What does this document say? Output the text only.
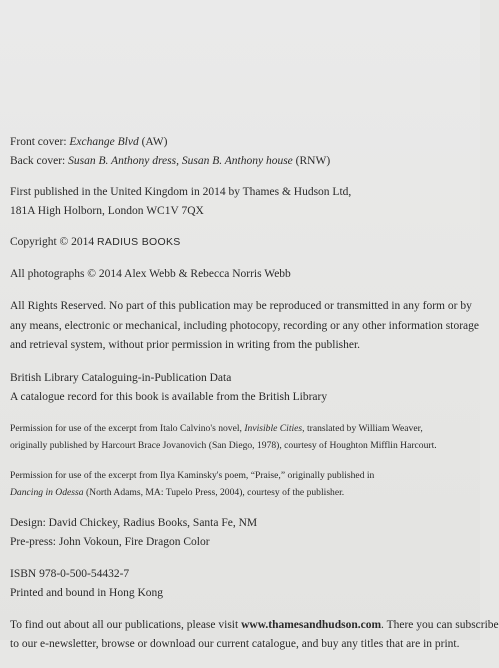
Front cover: Exchange Blvd (AW)
Back cover: Susan B. Anthony dress, Susan B. Anthony house (RNW)
First published in the United Kingdom in 2014 by Thames & Hudson Ltd,
181A High Holborn, London WC1V 7QX
Copyright © 2014 RADIUS BOOKS
All photographs © 2014 Alex Webb & Rebecca Norris Webb
All Rights Reserved. No part of this publication may be reproduced or transmitted in any form or by
any means, electronic or mechanical, including photocopy, recording or any other information storage
and retrieval system, without prior permission in writing from the publisher.
British Library Cataloguing-in-Publication Data
A catalogue record for this book is available from the British Library
Permission for use of the excerpt from Italo Calvino's novel, Invisible Cities, translated by William Weaver,
originally published by Harcourt Brace Jovanovich (San Diego, 1978), courtesy of Houghton Mifflin Harcourt.
Permission for use of the excerpt from Ilya Kaminsky's poem, “Praise,” originally published in
Dancing in Odessa (North Adams, MA: Tupelo Press, 2004), courtesy of the publisher.
Design: David Chickey, Radius Books, Santa Fe, NM
Pre-press: John Vokoun, Fire Dragon Color
ISBN 978-0-500-54432-7
Printed and bound in Hong Kong
To find out about all our publications, please visit www.thamesandhudson.com. There you can subscribe
to our e-newsletter, browse or download our current catalogue, and buy any titles that are in print.
